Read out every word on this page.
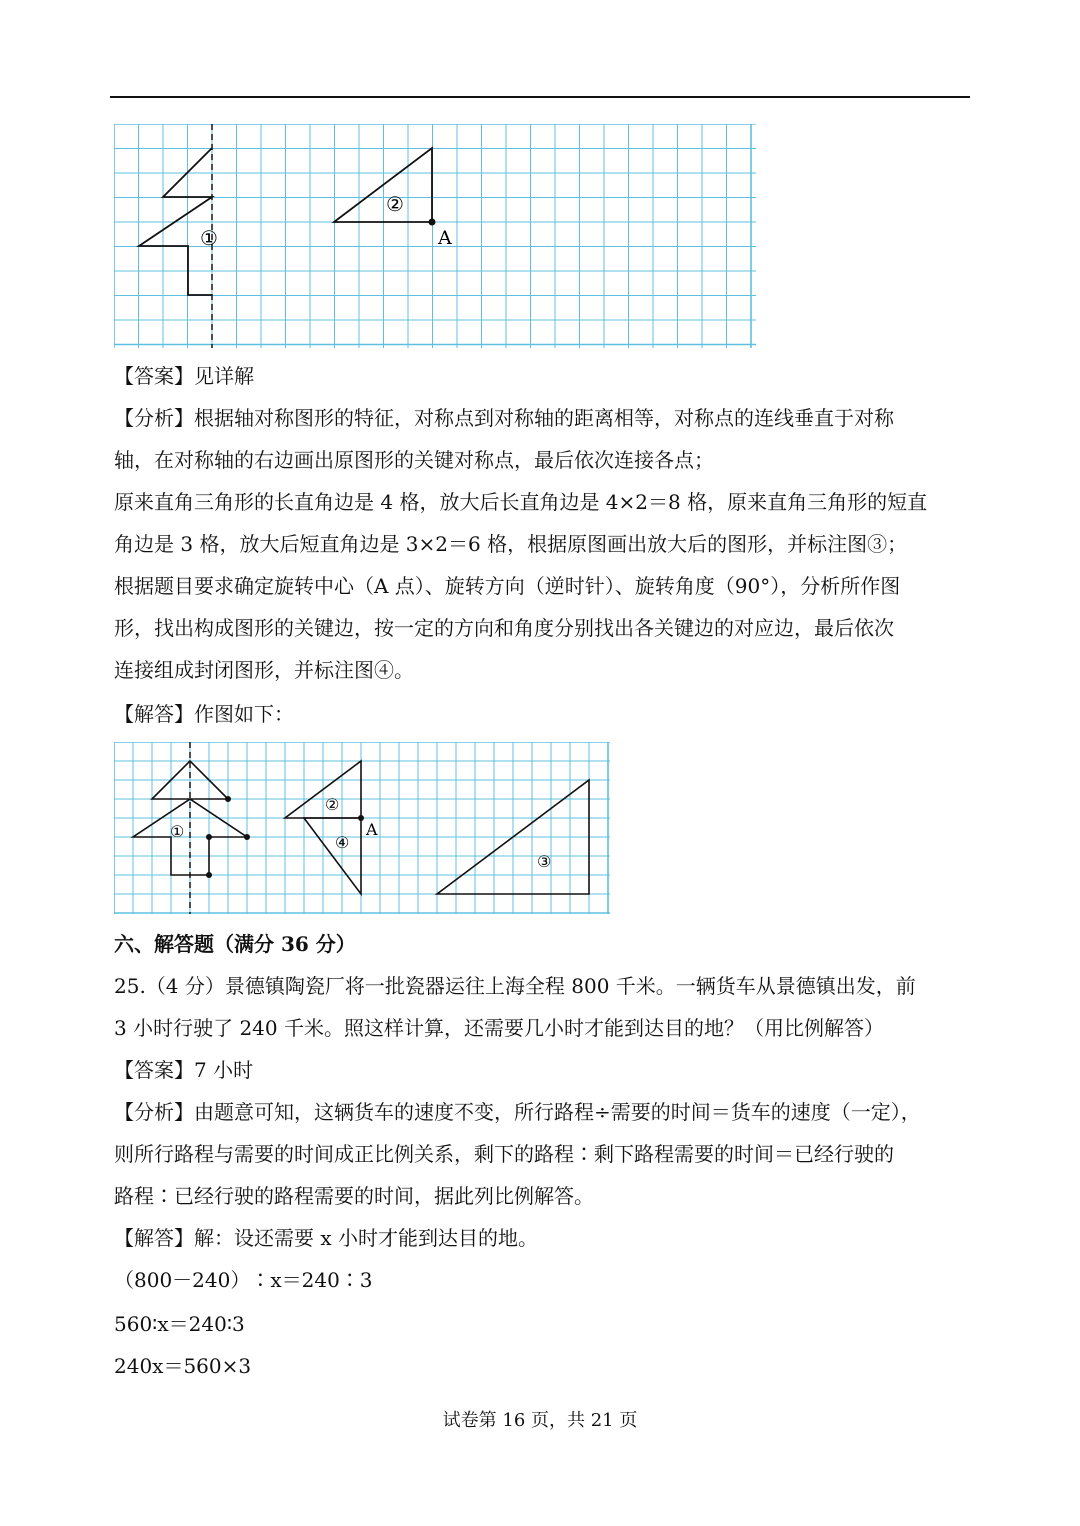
①
②
A
【答案】见详解
【分析】根据轴对称图形的特征，对称点到对称轴的距离相等，对称点的连线垂直于对称
轴，在对称轴的右边画出原图形的关键对称点，最后依次连接各点；
原来直角三角形的长直角边是 4 格，放大后长直角边是 4×2＝8 格，原来直角三角形的短直
角边是 3 格，放大后短直角边是 3×2＝6 格，根据原图画出放大后的图形，并标注图③；
根据题目要求确定旋转中心（A 点）、旋转方向（逆时针）、旋转角度（90°），分析所作图
形，找出构成图形的关键边，按一定的方向和角度分别找出各关键边的对应边，最后依次
连接组成封闭图形，并标注图④。
【解答】作图如下：
①
②
④
③
A
六、解答题（满分 36 分）
25.（4 分）景德镇陶瓷厂将一批瓷器运往上海全程 800 千米。一辆货车从景德镇出发，前
3 小时行驶了 240 千米。照这样计算，还需要几小时才能到达目的地？（用比例解答）
【答案】7 小时
【分析】由题意可知，这辆货车的速度不变，所行路程÷需要的时间＝货车的速度（一定），
则所行路程与需要的时间成正比例关系，剩下的路程∶剩下路程需要的时间＝已经行驶的
路程∶已经行驶的路程需要的时间，据此列比例解答。
【解答】解：设还需要 x 小时才能到达目的地。
（800－240）∶x＝240∶3
560∶x＝240∶3
240x＝560×3
试卷第 16 页，共 21 页
